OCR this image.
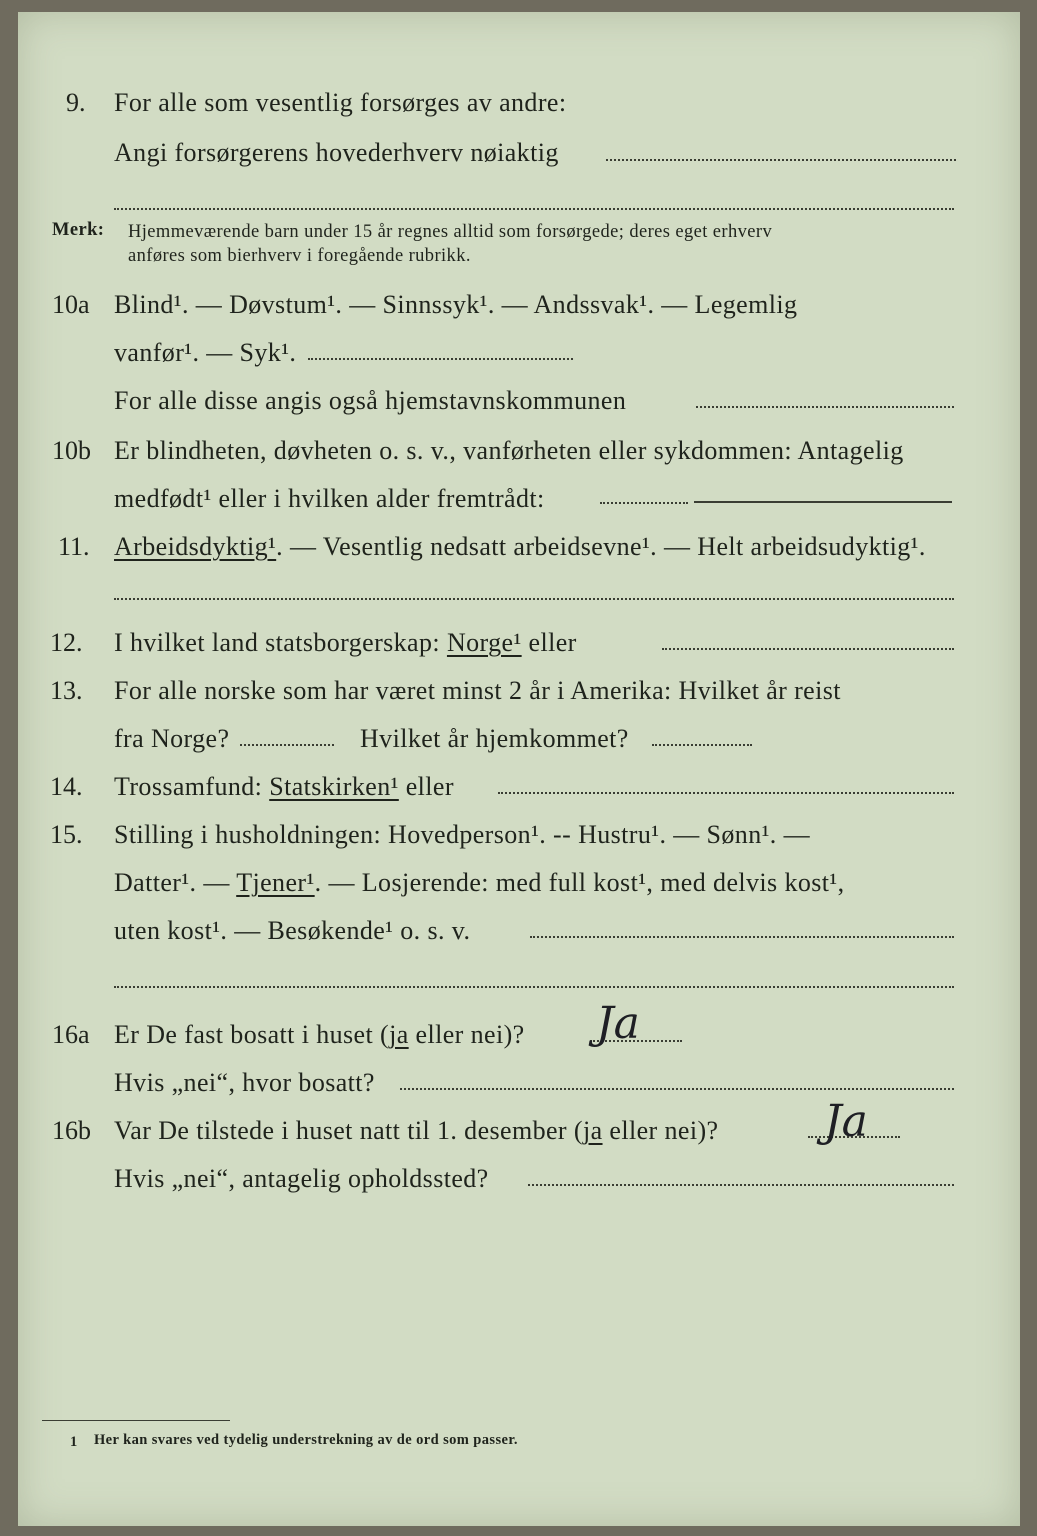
9. For alle som vesentlig forsørges av andre:
Angi forsørgerens hovederhverv nøiaktig
Merk: Hjemmeværende barn under 15 år regnes alltid som forsørgede; deres eget erhverv
anføres som bierhverv i foregående rubrikk.
10a Blind¹. — Døvstum¹. — Sinnssyk¹. — Andssvak¹. — Legemlig
vanfør¹. — Syk¹.
For alle disse angis også hjemstavnskommunen
10b Er blindheten, døvheten o. s. v., vanførheten eller sykdommen: Antagelig
medfødt¹ eller i hvilken alder fremtrådt:
11. Arbeidsdyktig¹. — Vesentlig nedsatt arbeidsevne¹. — Helt arbeidsudyktig¹.
12. I hvilket land statsborgerskap: Norge¹ eller
13. For alle norske som har været minst 2 år i Amerika: Hvilket år reist
fra Norge?	Hvilket år hjemkommet?
14. Trossamfund: Statskirken¹ eller
15. Stilling i husholdningen: Hovedperson¹. -- Hustru¹. — Sønn¹. —
Datter¹. — Tjener¹. — Losjerende: med full kost¹, med delvis kost¹,
uten kost¹. — Besøkende¹ o. s. v.
16a Er De fast bosatt i huset (ja eller nei)? Ja
Hvis „nei“, hvor bosatt?
16b Var De tilstede i huset natt til 1. desember (ja eller nei)? Ja
Hvis „nei“, antagelig opholdssted?
1 Her kan svares ved tydelig understrekning av de ord som passer.
